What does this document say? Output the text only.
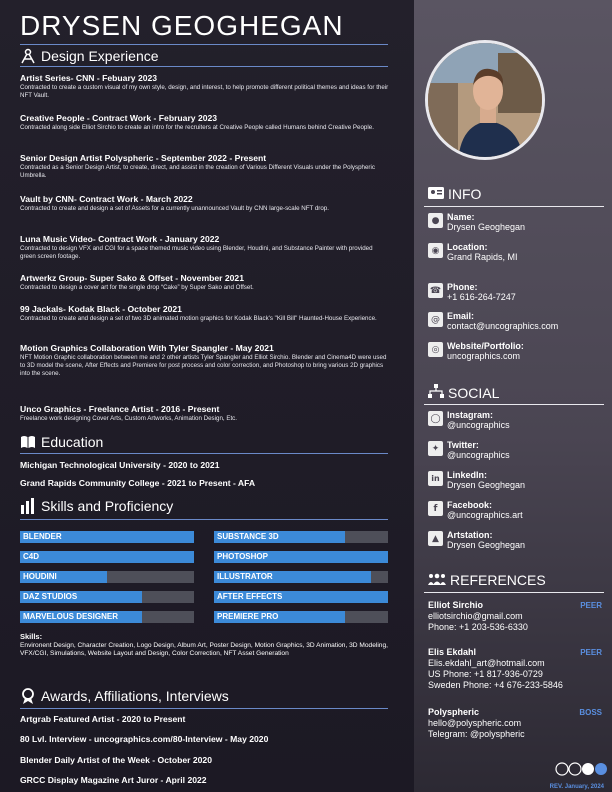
DRYSEN GEOGHEGAN
Design Experience
Artist Series- CNN - Febuary 2023
Contracted to create a custom visual of my own style, design, and interest, to help promote different political themes and ideas for their NFT Vault.
Creative People - Contract Work - February 2023
Contracted along side Elliot Sirchio to create an intro for the recruiters at Creative People called Humans behind Creative People.
Senior Design Artist Polyspheric - September 2022 - Present
Contracted as a Senior Design Artist, to create, direct, and assist in the creation of Various Different Visuals under the Polyspheric Umbrella.
Vault by CNN- Contract Work - March 2022
Contracted to create and design a set of Assets for a currently unannounced Vault by CNN large-scale NFT drop.
Luna Music Video- Contract Work - January 2022
Contracted to design VFX and CGI for a space themed music video using Blender, Houdini, and Substance Painter with provided green screen footage.
Artwerkz Group- Super Sako & Offset - November 2021
Contracted to design a cover art for the single drop “Cake” by Super Sako and Offset.
99 Jackals- Kodak Black - October 2021
Contracted to create and design a set of two 3D animated motion graphics for Kodak Black's "Kill Bill" Haunted-House Experience.
Motion Graphics Collaboration With Tyler Spangler - May 2021
NFT Motion Graphic collaboration between me and 2 other artists Tyler Spangler and Elliot Sirchio. Blender and Cinema4D were used to 3D model the scene, After Effects and Premiere for post process and color correction, and Photoshop to bring various 2D graphics into the scene.
Unco Graphics - Freelance Artist - 2016 - Present
Freelance work designing Cover Arts, Custom Artworks, Animation Design, Etc.
Education
Michigan Technological University - 2020 to 2021
Grand Rapids Community College - 2021 to Present - AFA
Skills and Proficiency
BLENDER	SUBSTANCE 3D
C4D	PHOTOSHOP
HOUDINI	ILLUSTRATOR
DAZ STUDIOS	AFTER EFFECTS
MARVELOUS DESIGNER	PREMIERE PRO
Skills:
Environent Design, Character Creation, Logo Design, Album Art, Poster Design, Motion Graphics, 3D Animation, 3D Modeling, VFX/CGI, Simulations, Website Layout and Design, Color Correction, NFT Asset Generation
Awards, Affiliations, Interviews
Artgrab Featured Artist - 2020 to Present
80 Lvl. Interview - uncographics.com/80-Interview - May 2020
Blender Daily Artist of the Week - October 2020
GRCC Display Magazine Art Juror - April 2022
INFO
● Name:
Drysen Geoghegan
◉ Location:
Grand Rapids, MI
☎ Phone:
+1 616-264-7247
@ Email:
contact@uncographics.com
◎ Website/Portfolio:
uncographics.com
SOCIAL
◯ Instagram:
@uncographics
✦ Twitter:
@uncographics
in LinkedIn:
Drysen Geoghegan
f	Facebook:
@uncographics.art
▲ Artstation:
Drysen Geoghegan
REFERENCES
Elliot Sirchio	PEER
elliotsirchio@gmail.com
Phone: +1 203-536-6330
Elis Ekdahl	PEER
Elis.ekdahl_art@hotmail.com
US Phone: +1 817-936-0729
Sweden Phone: +4 676-233-5846
Polyspheric	BOSS
hello@polyspheric.com
Telegram: @polyspheric
REV. January, 2024
